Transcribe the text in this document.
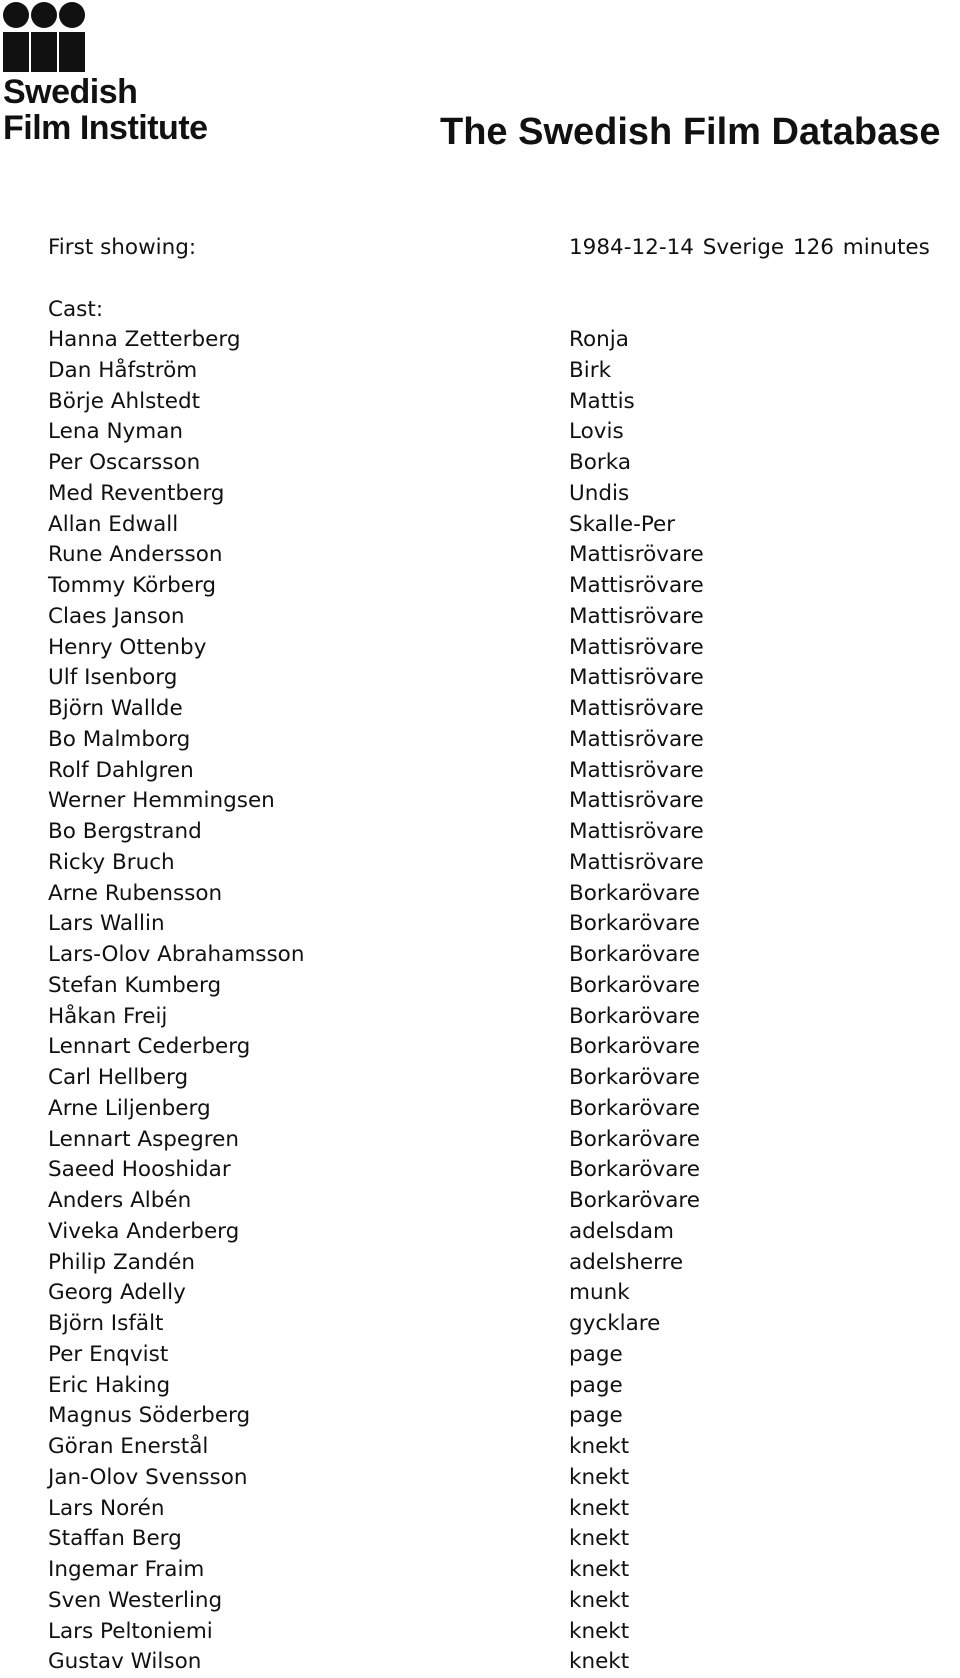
Swedish
Film Institute	The Swedish Film Database
First showing:	1984-12-14 Sverige 126 minutes
Cast:
Hanna Zetterberg	Ronja
Dan Håfström	Birk
Börje Ahlstedt	Mattis
Lena Nyman	Lovis
Per Oscarsson	Borka
Med Reventberg	Undis
Allan Edwall	Skalle-Per
Rune Andersson	Mattisrövare
Tommy Körberg	Mattisrövare
Claes Janson	Mattisrövare
Henry Ottenby	Mattisrövare
Ulf Isenborg	Mattisrövare
Björn Wallde	Mattisrövare
Bo Malmborg	Mattisrövare
Rolf Dahlgren	Mattisrövare
Werner Hemmingsen	Mattisrövare
Bo Bergstrand	Mattisrövare
Ricky Bruch	Mattisrövare
Arne Rubensson	Borkarövare
Lars Wallin	Borkarövare
Lars-Olov Abrahamsson	Borkarövare
Stefan Kumberg	Borkarövare
Håkan Freij	Borkarövare
Lennart Cederberg	Borkarövare
Carl Hellberg	Borkarövare
Arne Liljenberg	Borkarövare
Lennart Aspegren	Borkarövare
Saeed Hooshidar	Borkarövare
Anders Albén	Borkarövare
Viveka Anderberg	adelsdam
Philip Zandén	adelsherre
Georg Adelly	munk
Björn Isfält	gycklare
Per Enqvist	page
Eric Haking	page
Magnus Söderberg	page
Göran Enerstål	knekt
Jan-Olov Svensson	knekt
Lars Norén	knekt
Staffan Berg	knekt
Ingemar Fraim	knekt
Sven Westerling	knekt
Lars Peltoniemi	knekt
Gustav Wilson	knekt
